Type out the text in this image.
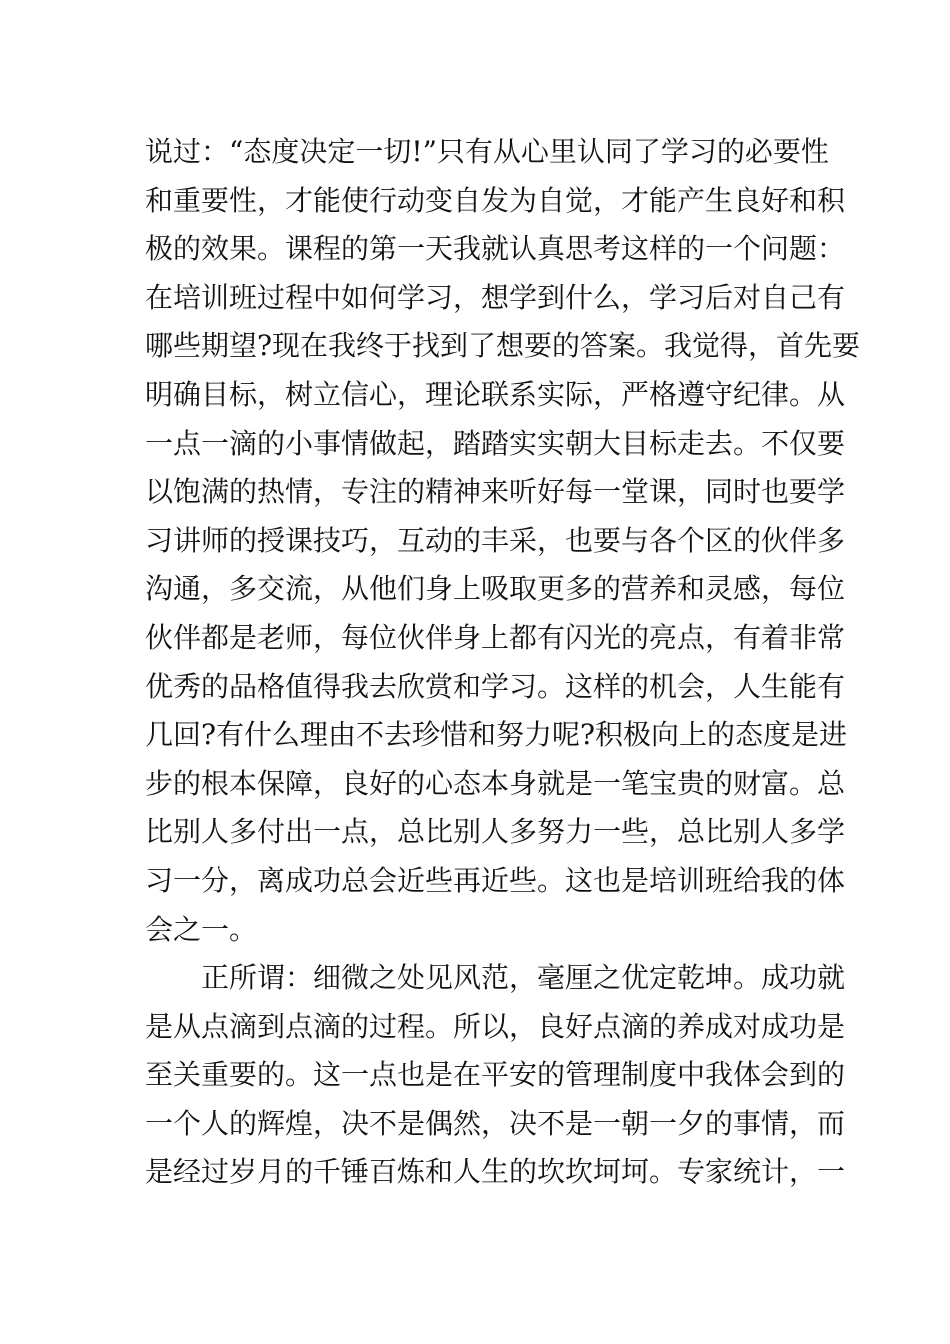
说过：“态度决定一切!”只有从心里认同了学习的必要性
和重要性，才能使行动变自发为自觉，才能产生良好和积
极的效果。课程的第一天我就认真思考这样的一个问题：
在培训班过程中如何学习，想学到什么，学习后对自己有
哪些期望?现在我终于找到了想要的答案。我觉得，首先要
明确目标，树立信心，理论联系实际，严格遵守纪律。从
一点一滴的小事情做起，踏踏实实朝大目标走去。不仅要
以饱满的热情，专注的精神来听好每一堂课，同时也要学
习讲师的授课技巧，互动的丰采，也要与各个区的伙伴多
沟通，多交流，从他们身上吸取更多的营养和灵感，每位
伙伴都是老师，每位伙伴身上都有闪光的亮点，有着非常
优秀的品格值得我去欣赏和学习。这样的机会，人生能有
几回?有什么理由不去珍惜和努力呢?积极向上的态度是进
步的根本保障，良好的心态本身就是一笔宝贵的财富。总
比别人多付出一点，总比别人多努力一些，总比别人多学
习一分，离成功总会近些再近些。这也是培训班给我的体
会之一。
正所谓：细微之处见风范，毫厘之优定乾坤。成功就
是从点滴到点滴的过程。所以，良好点滴的养成对成功是
至关重要的。这一点也是在平安的管理制度中我体会到的
一个人的辉煌，决不是偶然，决不是一朝一夕的事情，而
是经过岁月的千锤百炼和人生的坎坎坷坷。专家统计，一
